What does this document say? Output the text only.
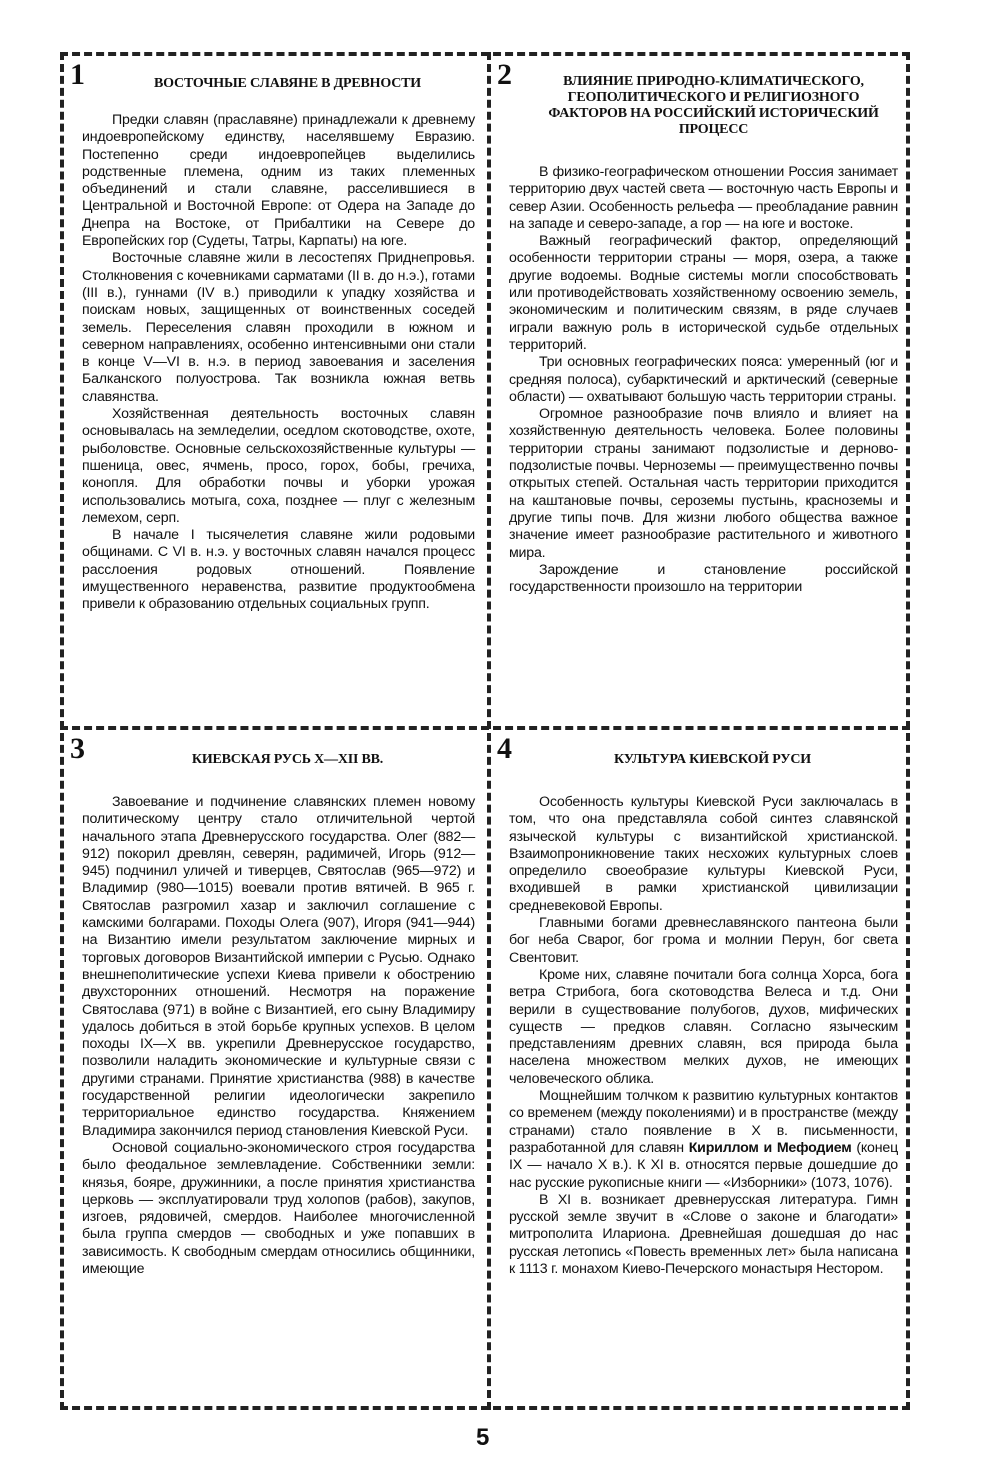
1	ВОСТОЧНЫЕ СЛАВЯНЕ В ДРЕВНОСТИ

Предки славян (праславяне) принадлежали к древнему индоевропейскому единству, населявшему Евразию. Постепенно среди индоевропейцев выделились родственные племена, одним из таких племенных объединений и стали славяне, расселившиеся в Центральной и Восточной Европе: от Одера на Западе до Днепра на Востоке, от Прибалтики на Севере до Европейских гор (Судеты, Татры, Карпаты) на юге.

Восточные славяне жили в лесостепях Приднепровья. Столкновения с кочевниками сарматами (II в. до н.э.), готами (III в.), гуннами (IV в.) приводили к упадку хозяйства и поискам новых, защищенных от воинственных соседей земель. Переселения славян проходили в южном и северном направлениях, особенно интенсивными они стали в конце V—VI в. н.э. в период завоевания и заселения Балканского полуострова. Так возникла южная ветвь славянства.

Хозяйственная деятельность восточных славян основывалась на земледелии, оседлом скотоводстве, охоте, рыболовстве. Основные сельскохозяйственные культуры — пшеница, овес, ячмень, просо, горох, бобы, гречиха, конопля. Для обработки почвы и уборки урожая использовались мотыга, соха, позднее — плуг с железным лемехом, серп.

В начале I тысячелетия славяне жили родовыми общинами. С VI в. н.э. у восточных славян начался процесс расслоения родовых отношений. Появление имущественного неравенства, развитие продуктообмена привели к образованию отдельных социальных групп.

2	ВЛИЯНИЕ ПРИРОДНО-КЛИМАТИЧЕСКОГО, ГЕОПОЛИТИЧЕСКОГО И РЕЛИГИОЗНОГО ФАКТОРОВ НА РОССИЙСКИЙ ИСТОРИЧЕСКИЙ ПРОЦЕСС

В физико-географическом отношении Россия занимает территорию двух частей света — восточную часть Европы и север Азии. Особенность рельефа — преобладание равнин на западе и северо-западе, а гор — на юге и востоке.

Важный географический фактор, определяющий особенности территории страны — моря, озера, а также другие водоемы. Водные системы могли способствовать или противодействовать хозяйственному освоению земель, экономическим и политическим связям, в ряде случаев играли важную роль в исторической судьбе отдельных территорий.

Три основных географических пояса: умеренный (юг и средняя полоса), субарктический и арктический (северные области) — охватывают большую часть территории страны.

Огромное разнообразие почв влияло и влияет на хозяйственную деятельность человека. Более половины территории страны занимают подзолистые и дерново-подзолистые почвы. Черноземы — преимущественно почвы открытых степей. Остальная часть территории приходится на каштановые почвы, сероземы пустынь, красноземы и другие типы почв. Для жизни любого общества важное значение имеет разнообразие растительного и животного мира.

Зарождение и становление российской государственности произошло на территории

3	КИЕВСКАЯ РУСЬ X—XII ВВ.

Завоевание и подчинение славянских племен новому политическому центру стало отличительной чертой начального этапа Древнерусского государства. Олег (882—912) покорил древлян, северян, радимичей, Игорь (912—945) подчинил уличей и тиверцев, Святослав (965—972) и Владимир (980—1015) воевали против вятичей. В 965 г. Святослав разгромил хазар и заключил соглашение с камскими болгарами. Походы Олега (907), Игоря (941—944) на Византию имели результатом заключение мирных и торговых договоров Византийской империи с Русью. Однако внешнеполитические успехи Киева привели к обострению двухсторонних отношений. Несмотря на поражение Святослава (971) в войне с Византией, его сыну Владимиру удалось добиться в этой борьбе крупных успехов. В целом походы IX—X вв. укрепили Древнерусское государство, позволили наладить экономические и культурные связи с другими странами. Принятие христианства (988) в качестве государственной религии идеологически закрепило территориальное единство государства. Княжением Владимира закончился период становления Киевской Руси.

Основой социально-экономического строя государства было феодальное землевладение. Собственники земли: князья, бояре, дружинники, а после принятия христианства церковь — эксплуатировали труд холопов (рабов), закупов, изгоев, рядовичей, смердов. Наиболее многочисленной была группа смердов — свободных и уже попавших в зависимость. К свободным смердам относились общинники, имеющие

4	КУЛЬТУРА КИЕВСКОЙ РУСИ

Особенность культуры Киевской Руси заключалась в том, что она представляла собой синтез славянской языческой культуры с византийской христианской. Взаимопроникновение таких несхожих культурных слоев определило своеобразие культуры Киевской Руси, входившей в рамки христианской цивилизации средневековой Европы.

Главными богами древнеславянского пантеона были бог неба Сварог, бог грома и молнии Перун, бог света Свентовит.

Кроме них, славяне почитали бога солнца Хорса, бога ветра Стрибога, бога скотоводства Велеса и т.д. Они верили в существование полубогов, духов, мифических существ — предков славян. Согласно языческим представлениям древних славян, вся природа была населена множеством мелких духов, не имеющих человеческого облика.

Мощнейшим толчком к развитию культурных контактов со временем (между поколениями) и в пространстве (между странами) стало появление в X в. письменности, разработанной для славян Кириллом и Мефодием (конец IX — начало X в.). К XI в. относятся первые дошедшие до нас русские рукописные книги — «Изборники» (1073, 1076).

В XI в. возникает древнерусская литература. Гимн русской земле звучит в «Слове о законе и благодати» митрополита Илариона. Древнейшая дошедшая до нас русская летопись «Повесть временных лет» была написана к 1113 г. монахом Киево-Печерского монастыря Нестором.

5
